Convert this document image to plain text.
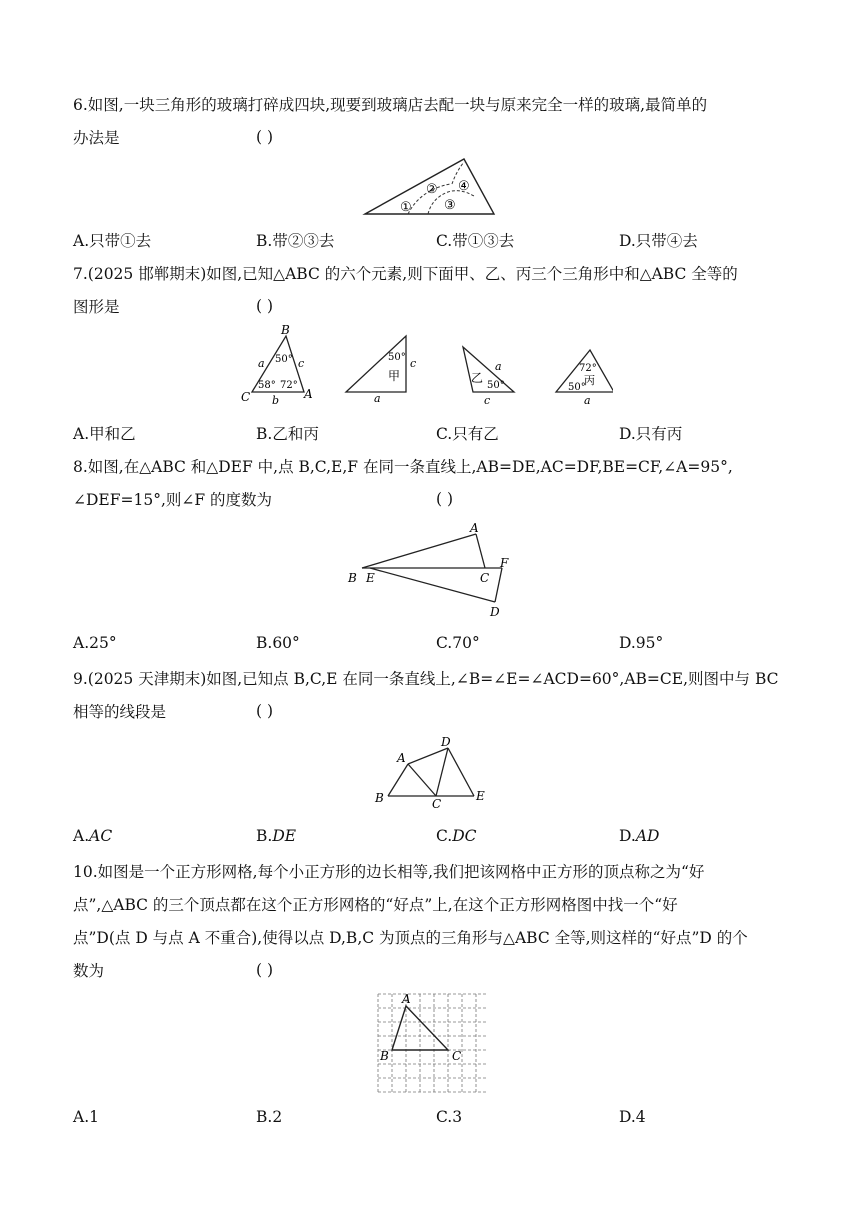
6.如图,一块三角形的玻璃打碎成四块,现要到玻璃店去配一块与原来完全一样的玻璃,最简单的
办法是	( )
①
②
③
④
A.只带①去	B.带②③去	C.带①③去	D.只带④去
7.(2025 邯郸期末)如图,已知△ABC 的六个元素,则下面甲、乙、丙三个三角形中和△ABC 全等的
图形是	( )
B
A
C
a
b
c
50°
58° 72°
50°
甲
c
a
乙
50°
a
c
72°
丙
50°
a
A.甲和乙	B.乙和丙	C.只有乙	D.只有丙
8.如图,在△ABC 和△DEF 中,点 B,C,E,F 在同一条直线上,AB=DE,AC=DF,BE=CF,∠A=95°,
∠DEF=15°,则∠F 的度数为	( )
A
B E	C
F
D
A.25°	B.60°	C.70°	D.95°
9.(2025 天津期末)如图,已知点 B,C,E 在同一条直线上,∠B=∠E=∠ACD=60°,AB=CE,则图中与 BC
相等的线段是	( )
A
D
B	C
E
A.AC	B.DE	C.DC	D.AD
10.如图是一个正方形网格,每个小正方形的边长相等,我们把该网格中正方形的顶点称之为“好
点”,△ABC 的三个顶点都在这个正方形网格的“好点”上,在这个正方形网格图中找一个“好
点”D(点 D 与点 A 不重合),使得以点 D,B,C 为顶点的三角形与△ABC 全等,则这样的“好点”D 的个
数为	( )
A
B	C
A.1	B.2	C.3	D.4
